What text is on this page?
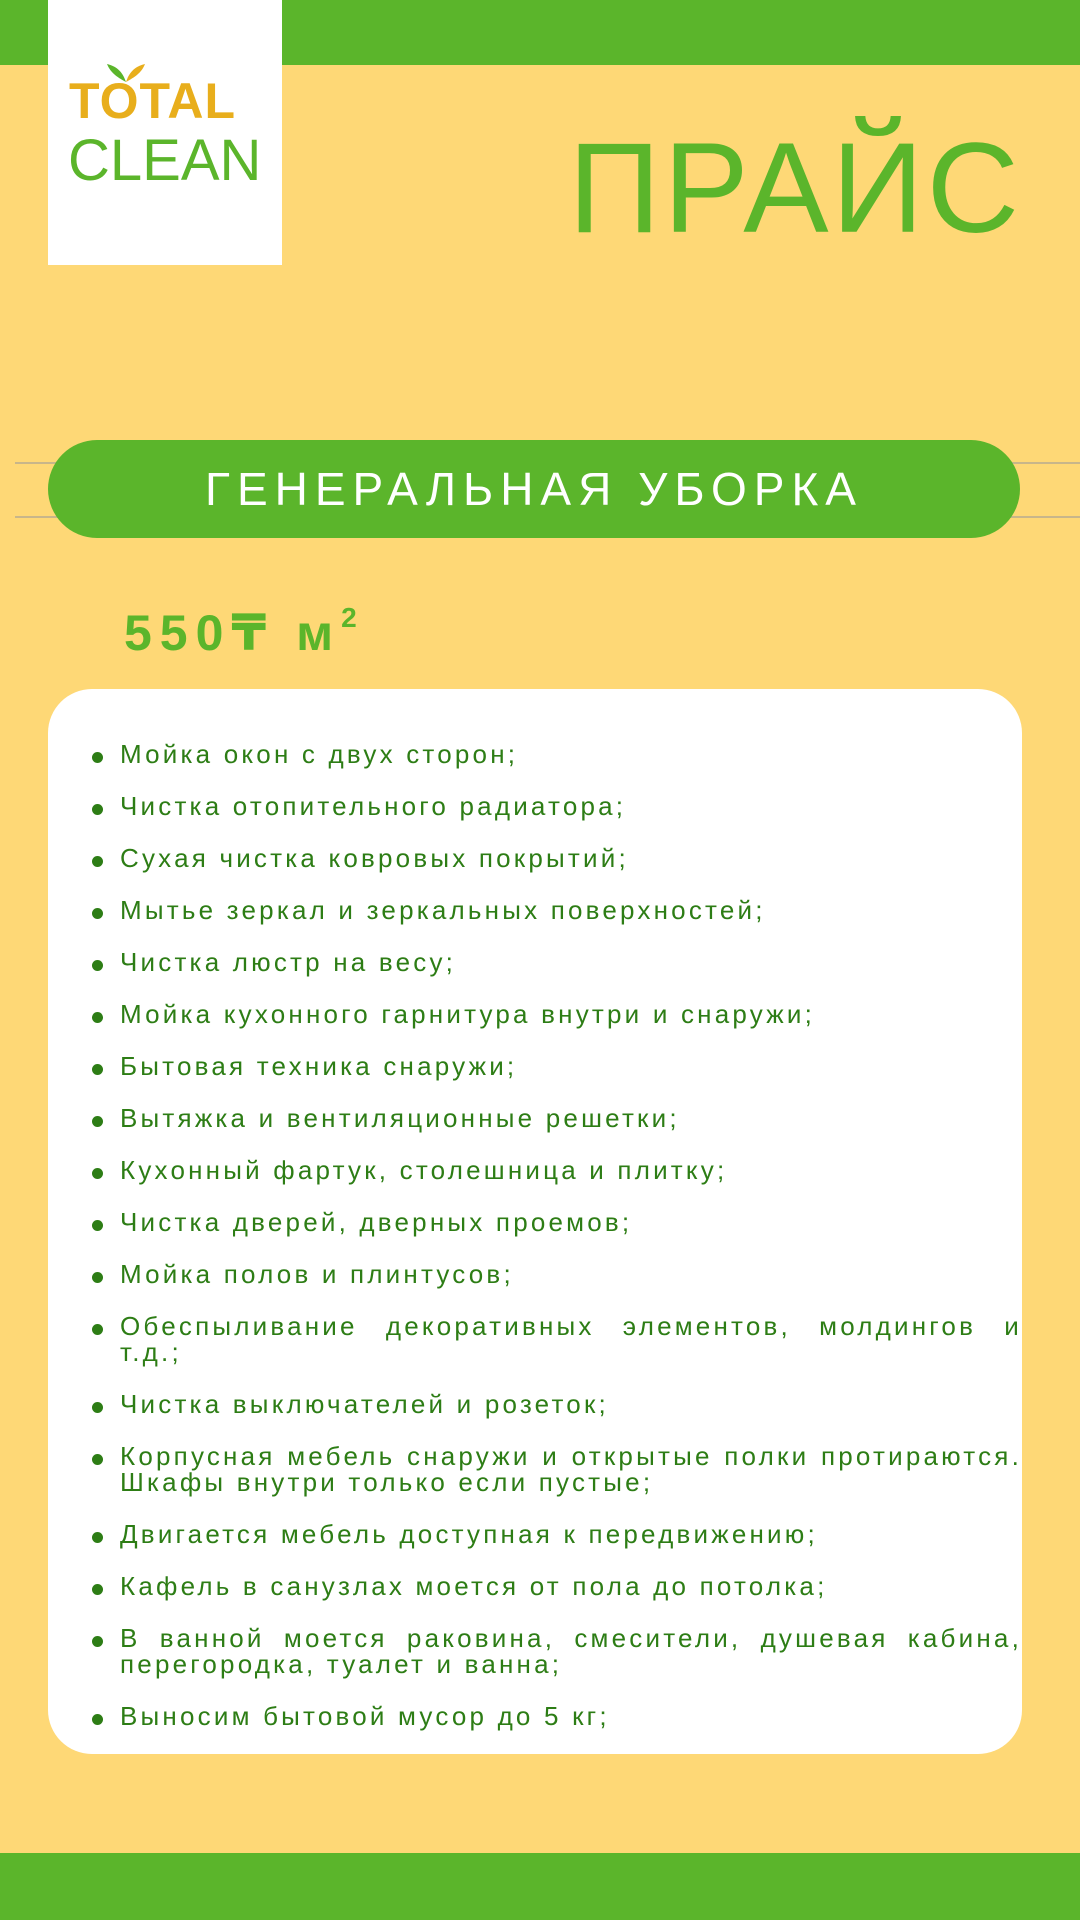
TOTAL
CLEAN ПРАЙС
ГЕНЕРАЛЬНАЯ УБОРКА
550₸ $м^2$
Мойка окон с двух сторон;
Чистка отопительного радиатора;
Сухая чистка ковровых покрытий;
Мытье зеркал и зеркальных поверхностей;
Чистка люстр на весу;
Мойка кухонного гарнитура внутри и снаружи;
Бытовая техника снаружи;
Вытяжка и вентиляционные решетки;
Кухонный фартук, столешница и плитку;
Чистка дверей, дверных проемов;
Мойка полов и плинтусов;
Обеспыливание декоративных элементов, молдингов и т.д.;
Чистка выключателей и розеток;
Корпусная мебель снаружи и открытые полки протираются. Шкафы внутри только если пустые;
Двигается мебель доступная к передвижению;
Кафель в санузлах моется от пола до потолка;
В ванной моется раковина, смесители, душевая кабина, перегородка, туалет и ванна;
Выносим бытовой мусор до 5 кг;
